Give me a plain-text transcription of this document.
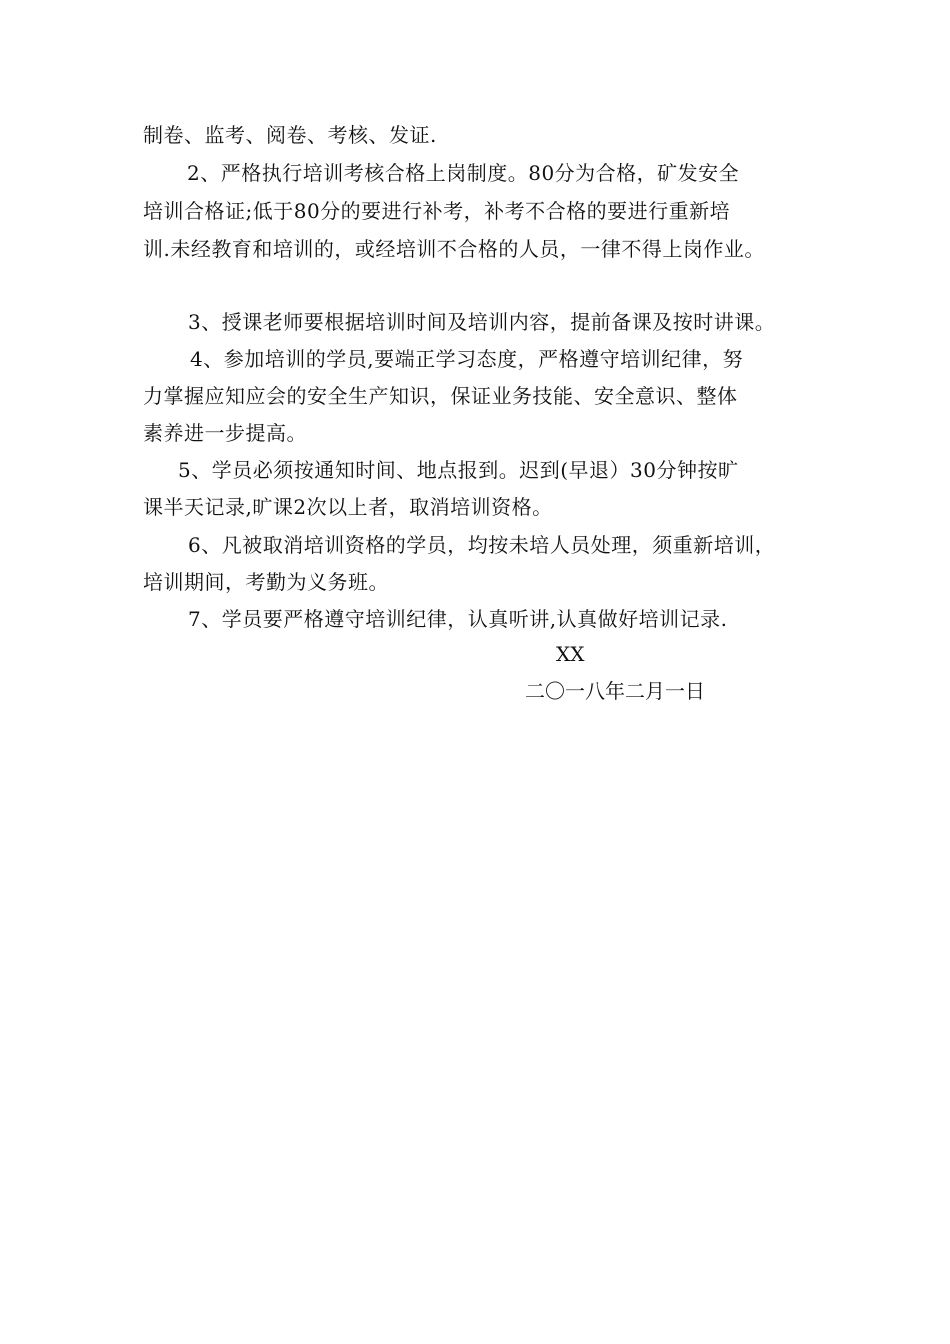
制卷、监考、阅卷、考核、发证.
2、严格执行培训考核合格上岗制度。80分为合格，矿发安全
培训合格证;低于80分的要进行补考，补考不合格的要进行重新培
训.未经教育和培训的，或经培训不合格的人员，一律不得上岗作业。
3、授课老师要根据培训时间及培训内容，提前备课及按时讲课。
4、参加培训的学员,要端正学习态度，严格遵守培训纪律，努
力掌握应知应会的安全生产知识，保证业务技能、安全意识、整体
素养进一步提高。
5、学员必须按通知时间、地点报到。迟到(早退）30分钟按旷
课半天记录,旷课2次以上者，取消培训资格。
6、凡被取消培训资格的学员，均按未培人员处理，须重新培训，
培训期间，考勤为义务班。
7、学员要严格遵守培训纪律，认真听讲,认真做好培训记录.
XX
二〇一八年二月一日
